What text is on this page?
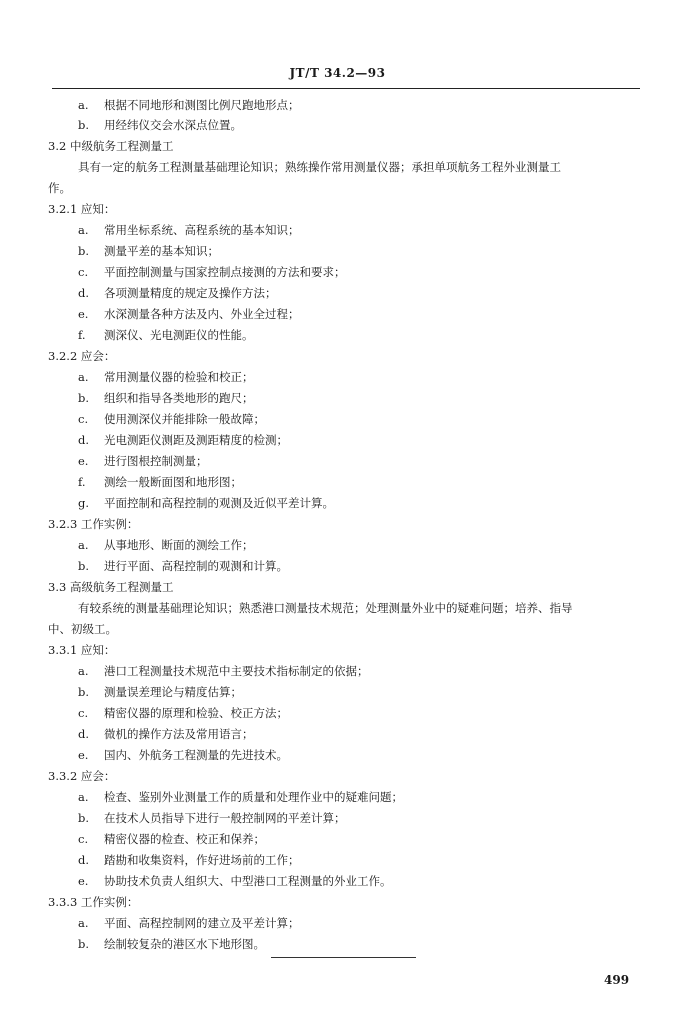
JT/T 34.2—93
a. 根据不同地形和测图比例尺跑地形点；
b. 用经纬仪交会水深点位置。
3.2 中级航务工程测量工
具有一定的航务工程测量基础理论知识；熟练操作常用测量仪器；承担单项航务工程外业测量工
作。
3.2.1 应知：
a. 常用坐标系统、高程系统的基本知识；
b. 测量平差的基本知识；
c. 平面控制测量与国家控制点接测的方法和要求；
d. 各项测量精度的规定及操作方法；
e. 水深测量各种方法及内、外业全过程；
f. 测深仪、光电测距仪的性能。
3.2.2 应会：
a. 常用测量仪器的检验和校正；
b. 组织和指导各类地形的跑尺；
c. 使用测深仪并能排除一般故障；
d. 光电测距仪测距及测距精度的检测；
e. 进行图根控制测量；
f. 测绘一般断面图和地形图；
g. 平面控制和高程控制的观测及近似平差计算。
3.2.3 工作实例：
a. 从事地形、断面的测绘工作；
b. 进行平面、高程控制的观测和计算。
3.3 高级航务工程测量工
有较系统的测量基础理论知识；熟悉港口测量技术规范；处理测量外业中的疑难问题；培养、指导
中、初级工。
3.3.1 应知：
a. 港口工程测量技术规范中主要技术指标制定的依据；
b. 测量误差理论与精度估算；
c. 精密仪器的原理和检验、校正方法；
d. 微机的操作方法及常用语言；
e. 国内、外航务工程测量的先进技术。
3.3.2 应会：
a. 检查、鉴别外业测量工作的质量和处理作业中的疑难问题；
b. 在技术人员指导下进行一般控制网的平差计算；
c. 精密仪器的检查、校正和保养；
d. 踏勘和收集资料，作好进场前的工作；
e. 协助技术负责人组织大、中型港口工程测量的外业工作。
3.3.3 工作实例：
a. 平面、高程控制网的建立及平差计算；
b. 绘制较复杂的港区水下地形图。
499
